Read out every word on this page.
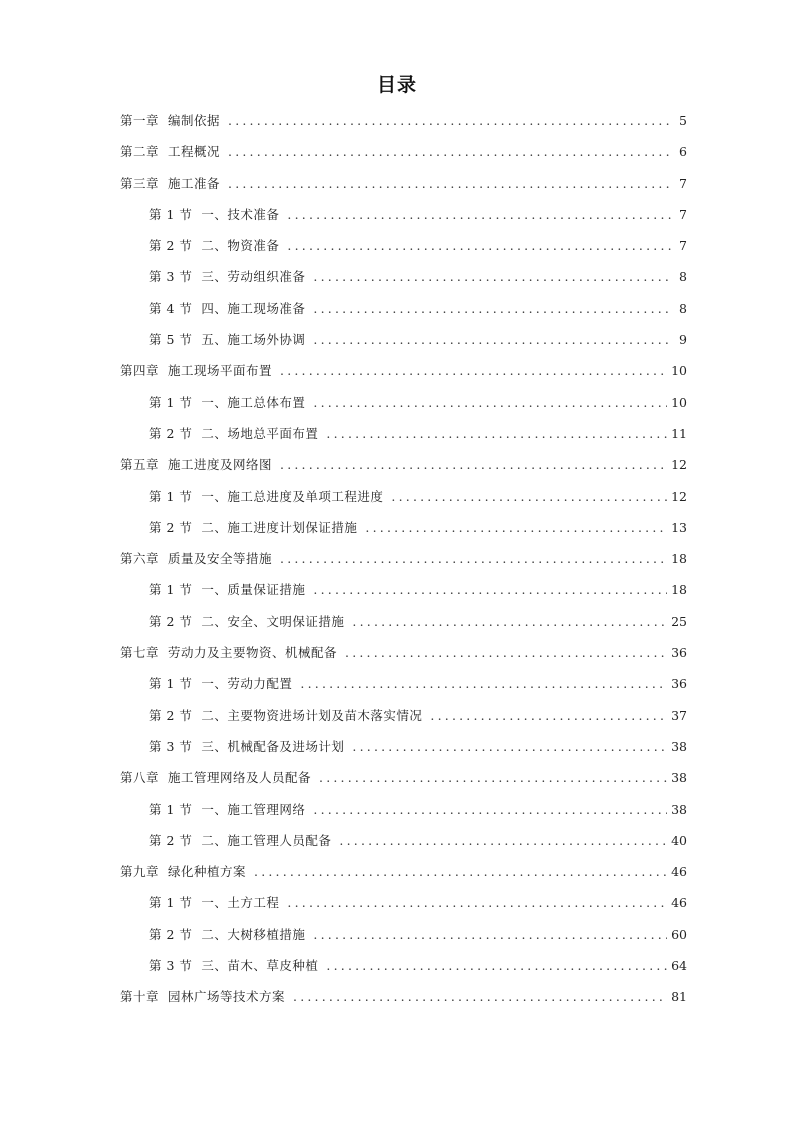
目录
第一章 编制依据 .....	5
第二章 工程概况 .....	6
第三章 施工准备 .....	7
第 1 节 一、技术准备 .....	7
第 2 节 二、物资准备 .....	7
第 3 节 三、劳动组织准备 .....	8
第 4 节 四、施工现场准备 .....	8
第 5 节 五、施工场外协调 .....	9
第四章 施工现场平面布置 .....	10
第 1 节 一、施工总体布置 .....	10
第 2 节 二、场地总平面布置 .....	11
第五章 施工进度及网络图 .....	12
第 1 节 一、施工总进度及单项工程进度 .....	12
第 2 节 二、施工进度计划保证措施 .....	13
第六章 质量及安全等措施 .....	18
第 1 节 一、质量保证措施 .....	18
第 2 节 二、安全、文明保证措施 .....	25
第七章 劳动力及主要物资、机械配备 .....	36
第 1 节 一、劳动力配置 .....	36
第 2 节 二、主要物资进场计划及苗木落实情况 .....	37
第 3 节 三、机械配备及进场计划 .....	38
第八章 施工管理网络及人员配备 .....	38
第 1 节 一、施工管理网络 .....	38
第 2 节 二、施工管理人员配备 .....	40
第九章 绿化种植方案 .....	46
第 1 节 一、土方工程 .....	46
第 2 节 二、大树移植措施 .....	60
第 3 节 三、苗木、草皮种植 .....	64
第十章 园林广场等技术方案 .....	81
